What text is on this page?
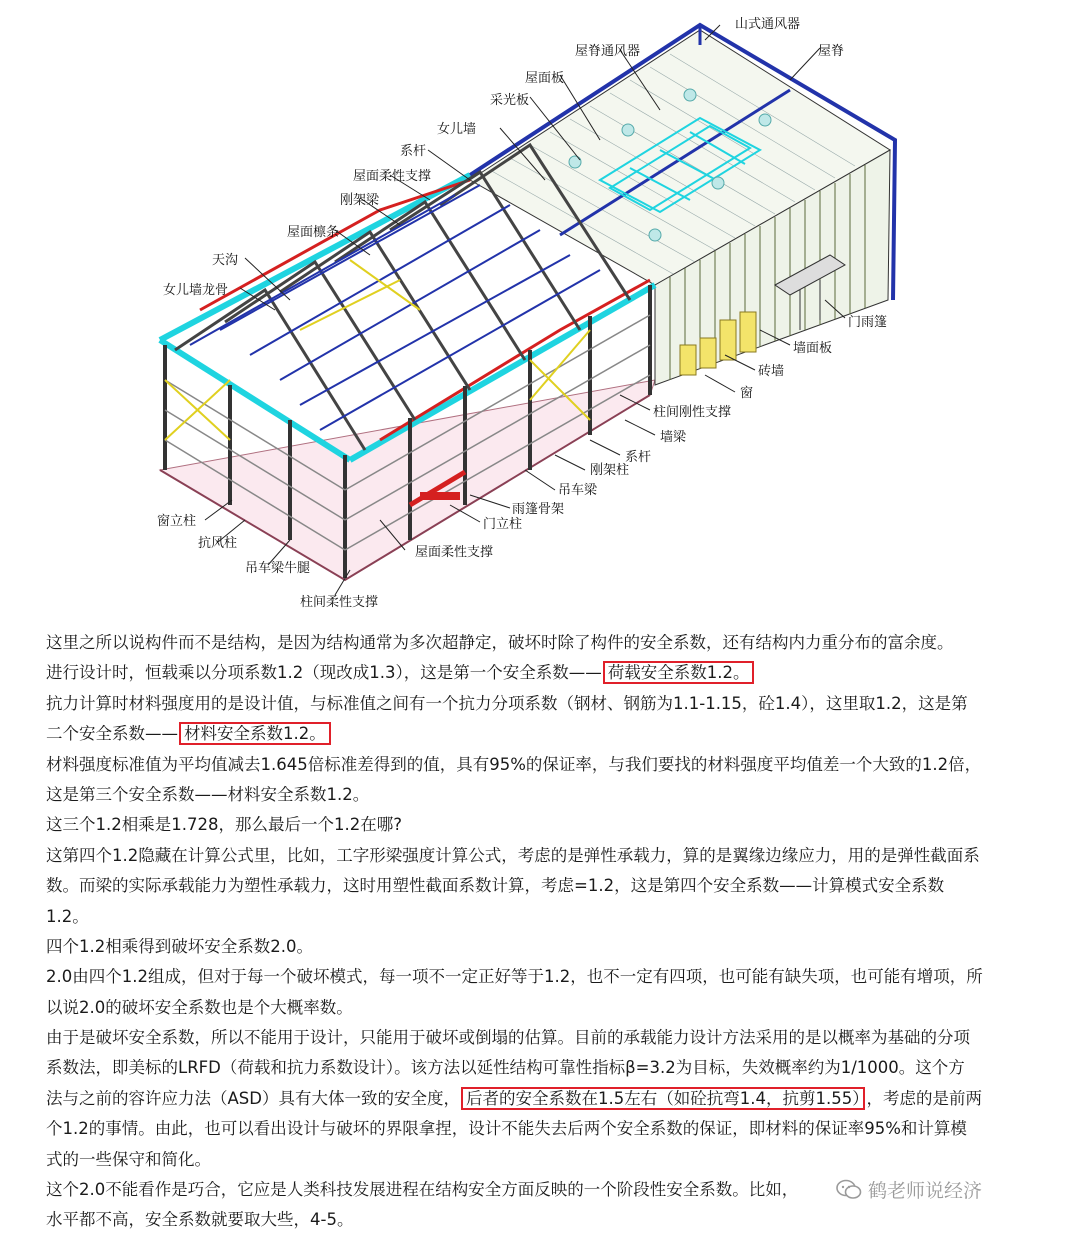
山式通风器
屋脊通风器	屋脊
屋面板
采光板
女儿墙
系杆
屋面柔性支撑
刚架梁
屋面檩条
天沟
女儿墙龙骨
门雨篷
墙面板
砖墙
窗
柱间刚性支撑
墙梁
系杆
刚架柱
吊车梁
雨篷骨架
门立柱
窗立柱
抗风柱
吊车梁牛腿
屋面柔性支撑
柱间柔性支撑
这里之所以说构件而不是结构，是因为结构通常为多次超静定，破坏时除了构件的安全系数，还有结构内力重分布的富余度。
进行设计时，恒载乘以分项系数1.2（现改成1.3），这是第一个安全系数—— 荷载安全系数1.2。
抗力计算时材料强度用的是设计值，与标准值之间有一个抗力分项系数（钢材、钢筋为1.1-1.15，砼1.4），这里取1.2，这是第
二个安全系数—— 材料安全系数1.2。
材料强度标准值为平均值减去1.645倍标准差得到的值，具有95%的保证率，与我们要找的材料强度平均值差一个大致的1.2倍，
这是第三个安全系数——材料安全系数1.2。
这三个1.2相乘是1.728，那么最后一个1.2在哪?
这第四个1.2隐藏在计算公式里，比如，工字形梁强度计算公式，考虑的是弹性承载力，算的是翼缘边缘应力，用的是弹性截面系
数。而梁的实际承载能力为塑性承载力，这时用塑性截面系数计算，考虑=1.2，这是第四个安全系数——计算模式安全系数
1.2。
四个1.2相乘得到破坏安全系数2.0。
2.0由四个1.2组成，但对于每一个破坏模式，每一项不一定正好等于1.2，也不一定有四项，也可能有缺失项，也可能有增项，所
以说2.0的破坏安全系数也是个大概率数。
由于是破坏安全系数，所以不能用于设计，只能用于破坏或倒塌的估算。目前的承载能力设计方法采用的是以概率为基础的分项
系数法，即美标的LRFD（荷载和抗力系数设计）。该方法以延性结构可靠性指标β=3.2为目标，失效概率约为1/1000。这个方
法与之前的容许应力法（ASD）具有大体一致的安全度， 后者的安全系数在1.5左右（如砼抗弯1.4，抗剪1.55） ，考虑的是前两
个1.2的事情。由此，也可以看出设计与破坏的界限拿捏，设计不能失去后两个安全系数的保证，即材料的保证率95%和计算模
式的一些保守和简化。
这个2.0不能看作是巧合，它应是人类科技发展进程在结构安全方面反映的一个阶段性安全系数。比如，
水平都不高，安全系数就要取大些，4-5。
鹤老师说经济
